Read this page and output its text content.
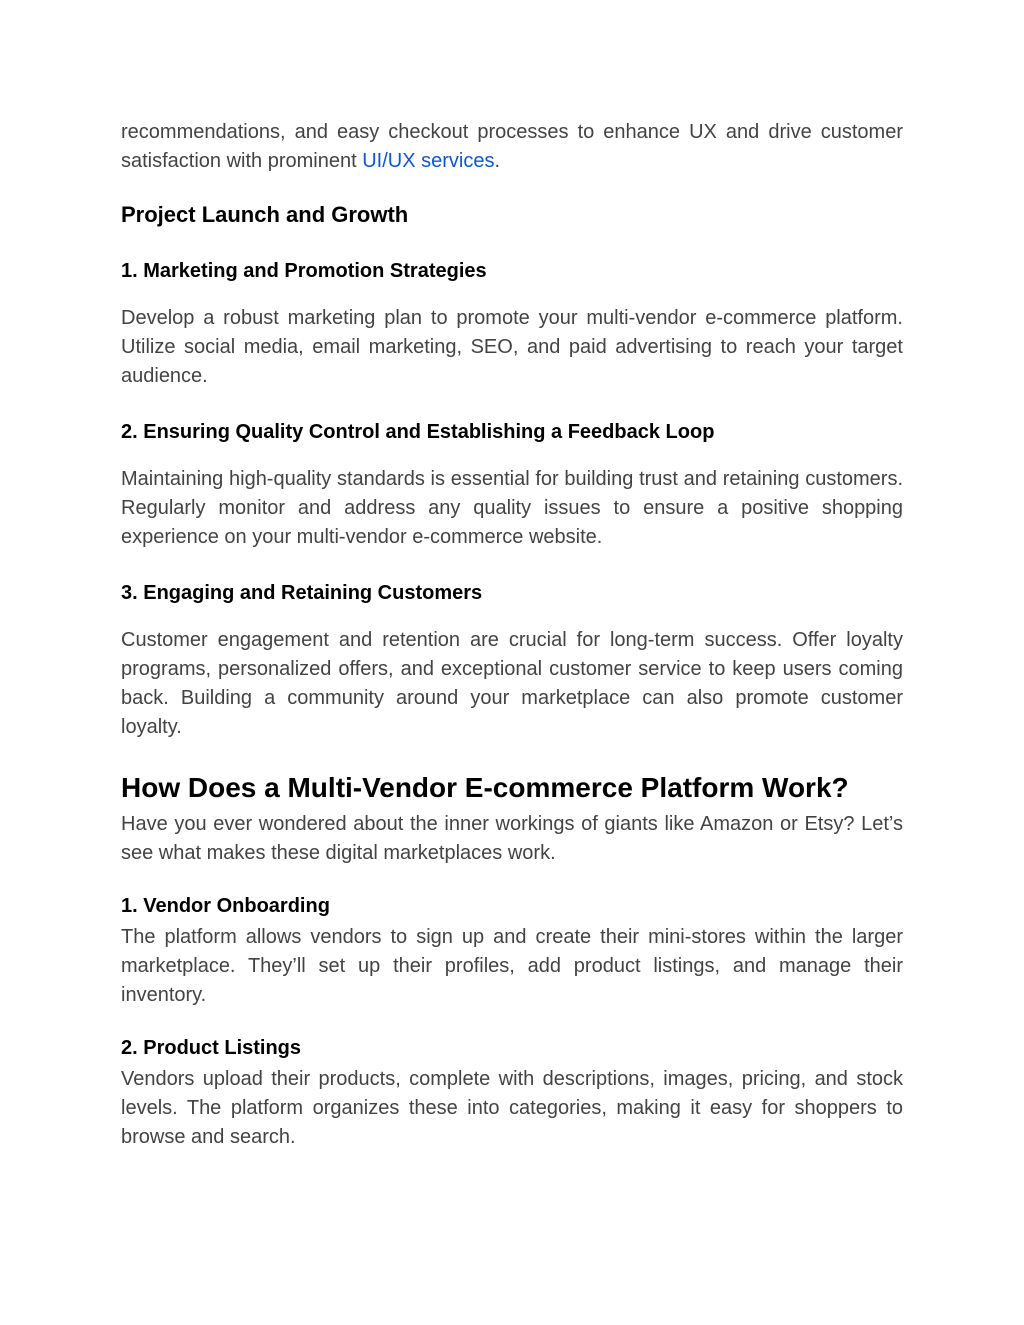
recommendations, and easy checkout processes to enhance UX and drive customer satisfaction with prominent UI/UX services.

Project Launch and Growth
1. Marketing and Promotion Strategies

Develop a robust marketing plan to promote your multi-vendor e-commerce platform. Utilize social media, email marketing, SEO, and paid advertising to reach your target audience.

2. Ensuring Quality Control and Establishing a Feedback Loop

Maintaining high-quality standards is essential for building trust and retaining customers. Regularly monitor and address any quality issues to ensure a positive shopping experience on your multi-vendor e-commerce website.

3. Engaging and Retaining Customers

Customer engagement and retention are crucial for long-term success. Offer loyalty programs, personalized offers, and exceptional customer service to keep users coming back. Building a community around your marketplace can also promote customer loyalty.

How Does a Multi-Vendor E-commerce Platform Work?

Have you ever wondered about the inner workings of giants like Amazon or Etsy? Let’s see what makes these digital marketplaces work.

1. Vendor Onboarding

The platform allows vendors to sign up and create their mini-stores within the larger marketplace. They’ll set up their profiles, add product listings, and manage their inventory.

2. Product Listings

Vendors upload their products, complete with descriptions, images, pricing, and stock levels. The platform organizes these into categories, making it easy for shoppers to browse and search.
